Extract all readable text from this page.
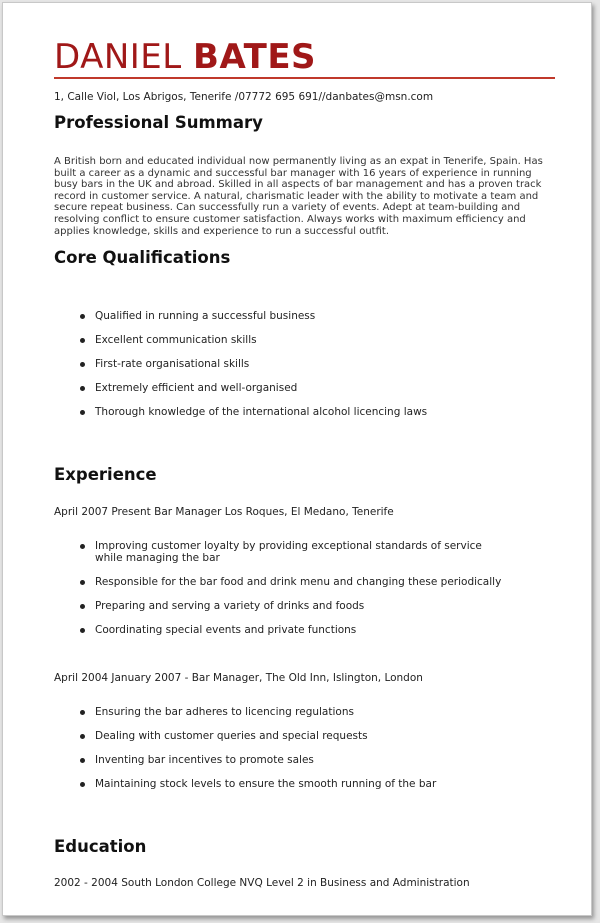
DANIEL BATES
1, Calle Viol, Los Abrigos, Tenerife /07772 695 691//danbates@msn.com
Professional Summary

A British born and educated individual now permanently living as an expat in Tenerife, Spain. Has built a career as a dynamic and successful bar manager with 16 years of experience in running busy bars in the UK and abroad. Skilled in all aspects of bar management and has a proven track record in customer service. A natural, charismatic leader with the ability to motivate a team and secure repeat business. Can successfully run a variety of events. Adept at team-building and resolving conflict to ensure customer satisfaction. Always works with maximum efficiency and applies knowledge, skills and experience to run a successful outfit.

Core Qualifications
Qualified in running a successful business
Excellent communication skills
First-rate organisational skills
Extremely efficient and well-organised
Thorough knowledge of the international alcohol licencing laws
Experience
April 2007 Present Bar Manager Los Roques, El Medano, Tenerife
Improving customer loyalty by providing exceptional standards of service while managing the bar
Responsible for the bar food and drink menu and changing these periodically
Preparing and serving a variety of drinks and foods
Coordinating special events and private functions
April 2004 January 2007 - Bar Manager, The Old Inn, Islington, London
Ensuring the bar adheres to licencing regulations
Dealing with customer queries and special requests
Inventing bar incentives to promote sales
Maintaining stock levels to ensure the smooth running of the bar
Education
2002 - 2004 South London College NVQ Level 2 in Business and Administration
